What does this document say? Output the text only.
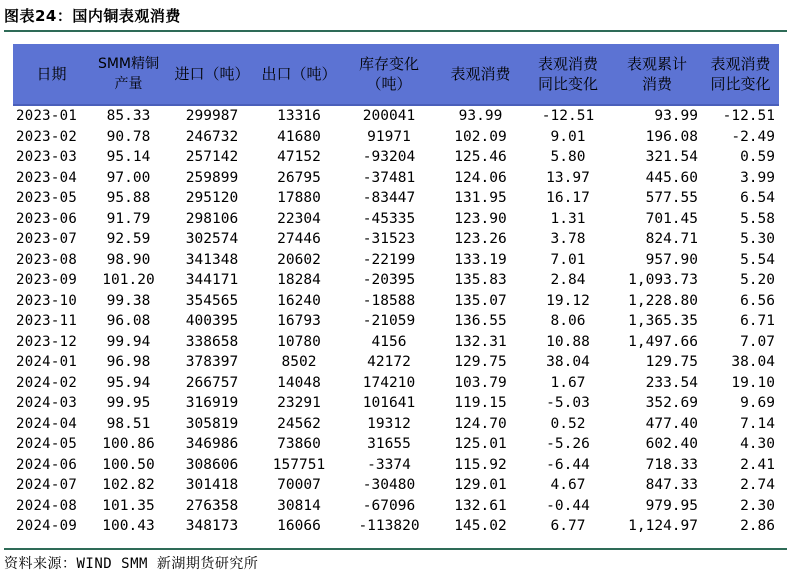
图表24：国内铜表观消费
日期	SMM精铜产量	进口（吨）	出口（吨）	库存变化（吨）	表观消费	表观消费同比变化	表观累计消费	表观消费同比变化
2023-01	85.33	299987	13316	200041	93.99	-12.51	93.99	-12.51
2023-02	90.78	246732	41680	91971	102.09	9.01	196.08	-2.49
2023-03	95.14	257142	47152	-93204	125.46	5.80	321.54	0.59
2023-04	97.00	259899	26795	-37481	124.06	13.97	445.60	3.99
2023-05	95.88	295120	17880	-83447	131.95	16.17	577.55	6.54
2023-06	91.79	298106	22304	-45335	123.90	1.31	701.45	5.58
2023-07	92.59	302574	27446	-31523	123.26	3.78	824.71	5.30
2023-08	98.90	341348	20602	-22199	133.19	7.01	957.90	5.54
2023-09	101.20	344171	18284	-20395	135.83	2.84	1,093.73	5.20
2023-10	99.38	354565	16240	-18588	135.07	19.12	1,228.80	6.56
2023-11	96.08	400395	16793	-21059	136.55	8.06	1,365.35	6.71
2023-12	99.94	338658	10780	4156	132.31	10.88	1,497.66	7.07
2024-01	96.98	378397	8502	42172	129.75	38.04	129.75	38.04
2024-02	95.94	266757	14048	174210	103.79	1.67	233.54	19.10
2024-03	99.95	316919	23291	101641	119.15	-5.03	352.69	9.69
2024-04	98.51	305819	24562	19312	124.70	0.52	477.40	7.14
2024-05	100.86	346986	73860	31655	125.01	-5.26	602.40	4.30
2024-06	100.50	308606	157751	-3374	115.92	-6.44	718.33	2.41
2024-07	102.82	301418	70007	-30480	129.01	4.67	847.33	2.74
2024-08	101.35	276358	30814	-67096	132.61	-0.44	979.95	2.30
2024-09	100.43	348173	16066	-113820	145.02	6.77	1,124.97	2.86
资料来源：WIND SMM 新湖期货研究所
